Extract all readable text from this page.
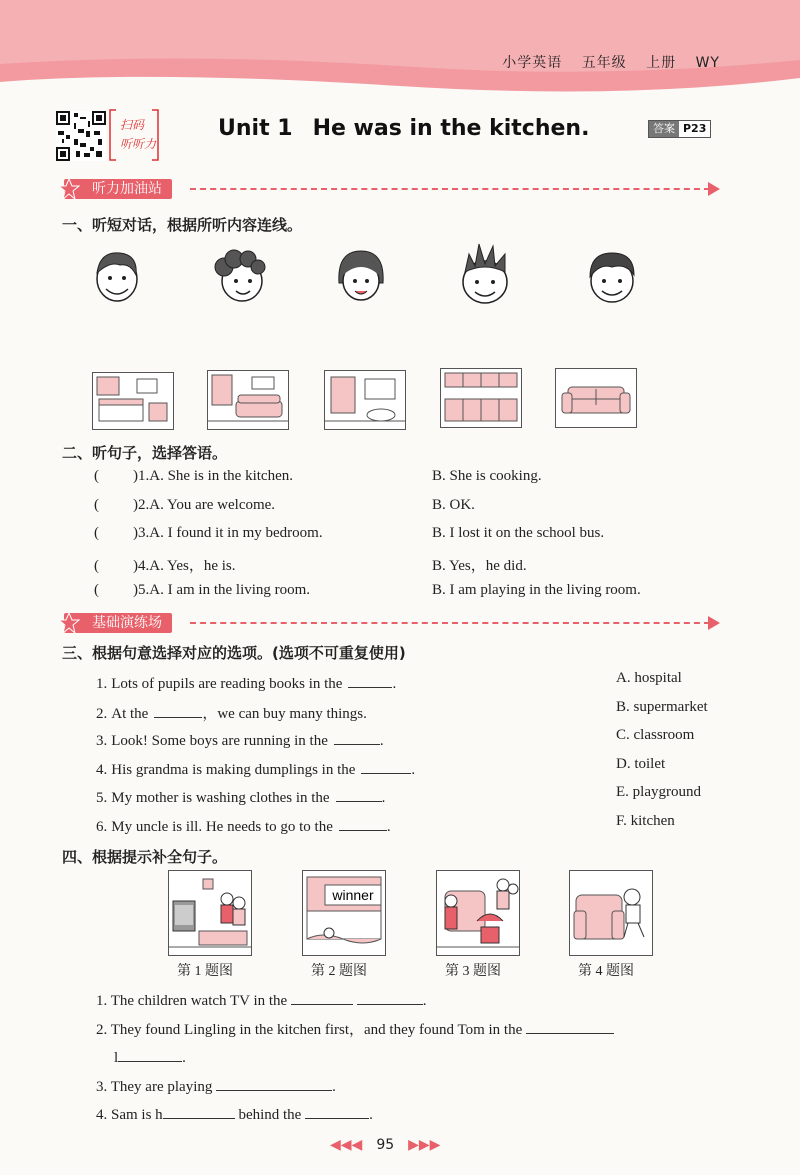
小学英语 五年级 上册 WY
扫码
听听力
Unit 1 He was in the kitchen.	答案 P23
听力加油站
一、听短对话，根据所听内容连线。
二、听句子，选择答语。
( )1.A. She is in the kitchen.	B. She is cooking.
( )2.A. You are welcome.	B. OK.
( )3.A. I found it in my bedroom.	B. I lost it on the school bus.
( )4.A. Yes，he is.	B. Yes，he did.
( )5.A. I am in the living room.	B. I am playing in the living room.
基础演练场
三、根据句意选择对应的选项。(选项不可重复使用)
1. Lots of pupils are reading books in the	.
2. At the	，we can buy many things.
3. Look! Some boys are running in the	.
4. His grandma is making dumplings in the	.
5. My mother is washing clothes in the	.
6. My uncle is ill. He needs to go to the	.
A. hospital
B. supermarket
C. classroom
D. toilet
E. playground
F. kitchen
四、根据提示补全句子。
winner
第 1 题图	第 2 题图	第 3 题图	第 4 题图
1. The children watch TV in the	.
2. They found Lingling in the kitchen first，and they found Tom in the
l	.
3. They are playing	.
4. Sam is h	behind the	.
◀◀◀ 95 ▶▶▶
